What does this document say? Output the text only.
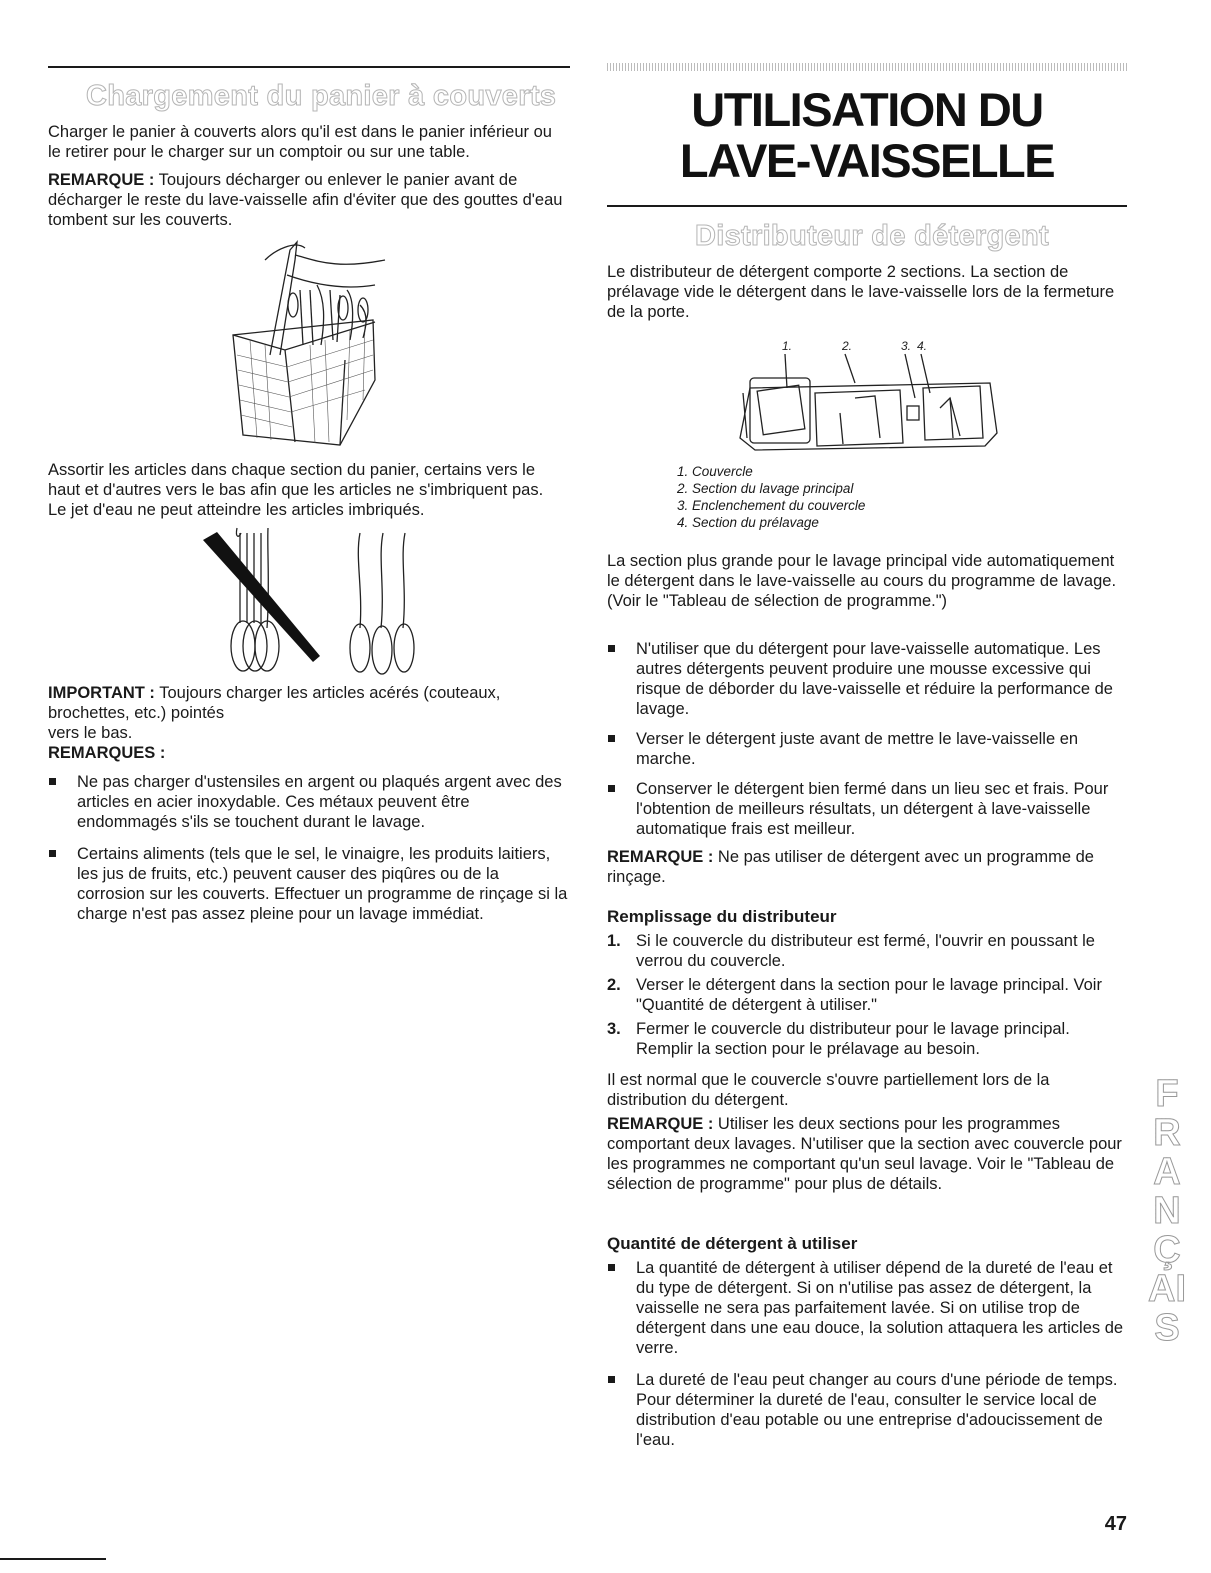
Chargement du panier à couverts

Charger le panier à couverts alors qu'il est dans le panier inférieur ou le retirer pour le charger sur un comptoir ou sur une table.

REMARQUE : Toujours décharger ou enlever le panier avant de décharger le reste du lave-vaisselle afin d'éviter que des gouttes d'eau tombent sur les couverts.

Assortir les articles dans chaque section du panier, certains vers le haut et d'autres vers le bas afin que les articles ne s'imbriquent pas. Le jet d'eau ne peut atteindre les articles imbriqués.

IMPORTANT : Toujours charger les articles acérés (couteaux, brochettes, etc.) pointés
vers le bas.

REMARQUES :

Ne pas charger d'ustensiles en argent ou plaqués argent avec des articles en acier inoxydable. Ces métaux peuvent être endommagés s'ils se touchent durant le lavage.
Certains aliments (tels que le sel, le vinaigre, les produits laitiers, les jus de fruits, etc.) peuvent causer des piqûres ou de la corrosion sur les couverts. Effectuer un programme de rinçage si la charge n'est pas assez pleine pour un lavage immédiat.
UTILISATION DU
LAVE-VAISSELLE
Distributeur de détergent

Le distributeur de détergent comporte 2 sections. La section de prélavage vide le détergent dans le lave-vaisselle lors de la fermeture de la porte.

1. Couvercle
2. Section du lavage principal
3. Enclenchement du couvercle
4. Section du prélavage

La section plus grande pour le lavage principal vide automatiquement le détergent dans le lave-vaisselle au cours du programme de lavage. (Voir le "Tableau de sélection de programme.")

N'utiliser que du détergent pour lave-vaisselle automatique. Les autres détergents peuvent produire une mousse excessive qui risque de déborder du lave-vaisselle et réduire la performance de lavage.
Verser le détergent juste avant de mettre le lave-vaisselle en marche.
Conserver le détergent bien fermé dans un lieu sec et frais. Pour l'obtention de meilleurs résultats, un détergent à lave-vaisselle automatique frais est meilleur.

REMARQUE : Ne pas utiliser de détergent avec un programme de rinçage.

Remplissage du distributeur

1. Si le couvercle du distributeur est fermé, l'ouvrir en poussant le verrou du couvercle.
2. Verser le détergent dans la section pour le lavage principal. Voir "Quantité de détergent à utiliser."
3. Fermer le couvercle du distributeur pour le lavage principal. Remplir la section pour le prélavage au besoin.

Il est normal que le couvercle s'ouvre partiellement lors de la distribution du détergent.

REMARQUE : Utiliser les deux sections pour les programmes comportant deux lavages. N'utiliser que la section avec couvercle pour les programmes ne comportant qu'un seul lavage. Voir le "Tableau de sélection de programme" pour plus de détails.

Quantité de détergent à utiliser

La quantité de détergent à utiliser dépend de la dureté de l'eau et du type de détergent. Si on n'utilise pas assez de détergent, la vaisselle ne sera pas parfaitement lavée. Si on utilise trop de détergent dans une eau douce, la solution attaquera les articles de verre.
La dureté de l'eau peut changer au cours d'une période de temps. Pour déterminer la dureté de l'eau, consulter le service local de distribution d'eau potable ou une entreprise d'adoucissement de l'eau.
1.	2.	3. 4.
FRANÇAIS
47
